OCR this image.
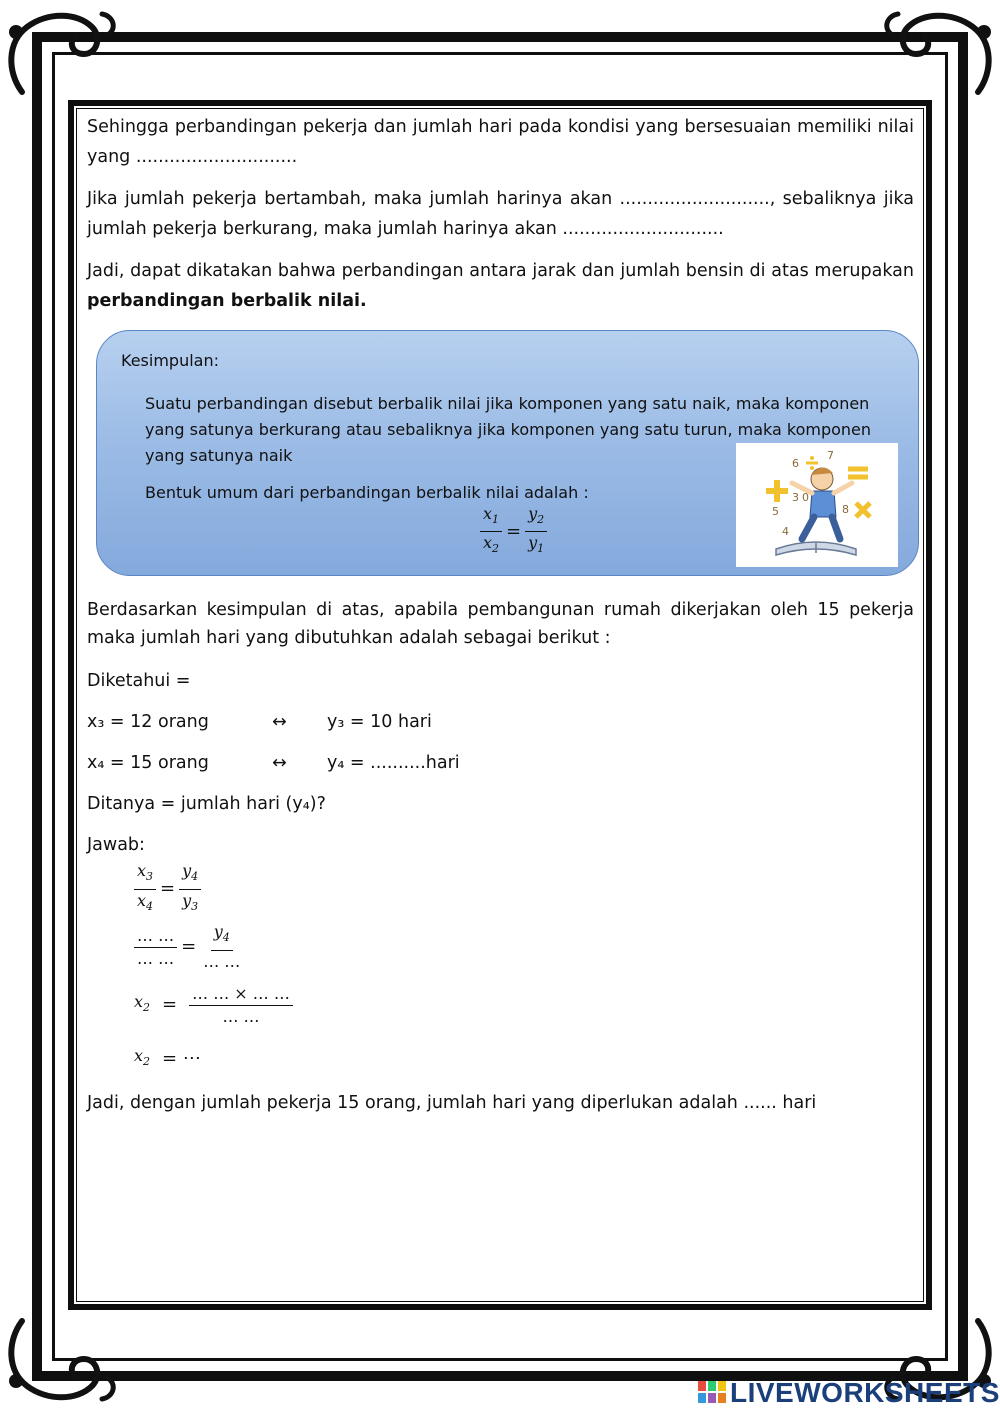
Sehingga perbandingan pekerja dan jumlah hari pada kondisi yang bersesuaian memiliki nilai yang .............................

Jika jumlah pekerja bertambah, maka jumlah harinya akan ..........................., sebaliknya jika jumlah pekerja berkurang, maka jumlah harinya akan .............................

Jadi, dapat dikatakan bahwa perbandingan antara jarak dan jumlah bensin di atas merupakan perbandingan berbalik nilai.

Kesimpulan:
Suatu perbandingan disebut berbalik nilai jika komponen yang satu naik, maka komponen yang satunya berkurang atau sebaliknya jika komponen yang satu turun, maka komponen yang satunya naik
Bentuk umum dari perbandingan berbalik nilai adalah :
$\frac{x_1}{x_2} = \frac{y_2}{y_1}$
6
7
3 0
5	8
4

Berdasarkan kesimpulan di atas, apabila pembangunan rumah dikerjakan oleh 15 pekerja maka jumlah hari yang dibutuhkan adalah sebagai berikut :

Diketahui =

x₃ = 12 orang	↔	y₃ = 10 hari
x₄ = 15 orang	↔	y₄ = ..........hari

Ditanya = jumlah hari (y₄)?

Jawab:

$\frac{x_3}{x_4} = \frac{y_4}{y_3}$
$\frac{\dots \dots}{\dots \dots} = \frac{y_4}{\dots \dots}$
$x_2 = \frac{\dots \dots \times \dots \dots}{\dots \dots}$
$x_2$ = ⋯

Jadi, dengan jumlah pekerja 15 orang, jumlah hari yang diperlukan adalah ...... hari

LIVEWORKSHEETS
